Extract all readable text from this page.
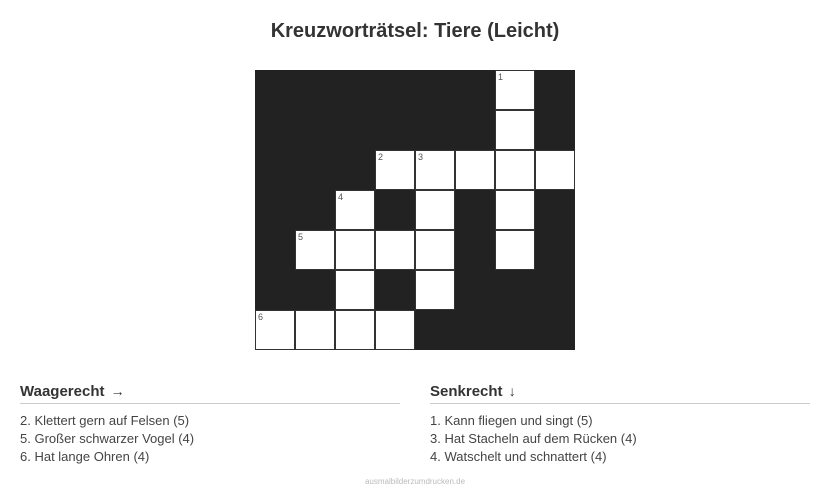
Kreuzworträtsel: Tiere (Leicht)
1
2	3
4
5
6
Waagerecht →
2. Klettert gern auf Felsen (5)
5. Großer schwarzer Vogel (4)
6. Hat lange Ohren (4)
Senkrecht ↓
1. Kann fliegen und singt (5)
3. Hat Stacheln auf dem Rücken (4)
4. Watschelt und schnattert (4)
ausmalbilderzumdrucken.de
